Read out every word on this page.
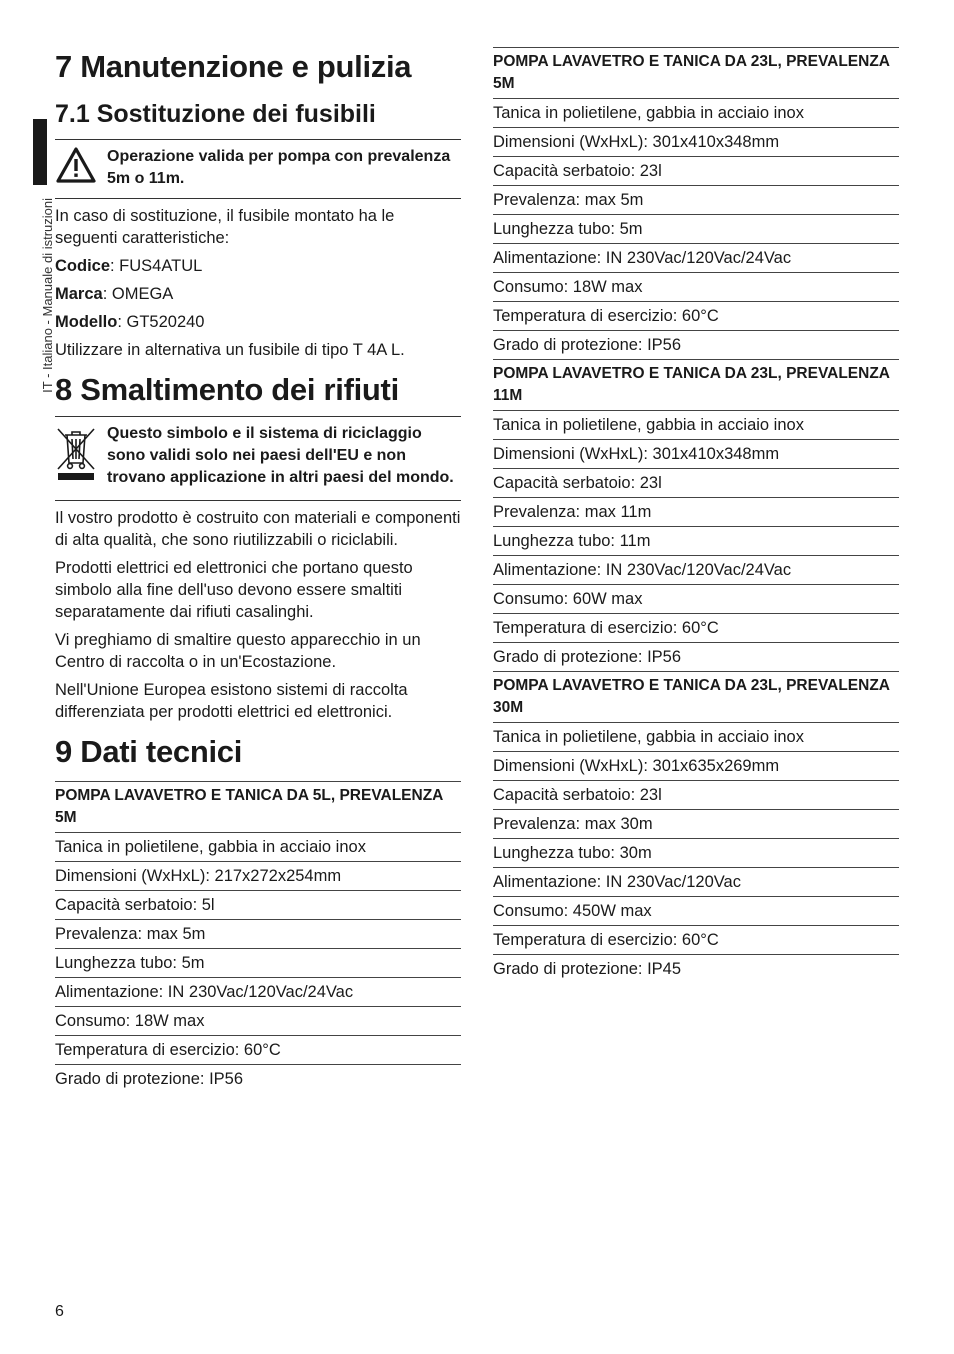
IT - Italiano - Manuale di istruzioni
7 Manutenzione e pulizia
7.1 Sostituzione dei fusibili
Operazione valida per pompa con prevalenza 5m o 11m.

In caso di sostituzione, il fusibile montato ha le seguenti caratteristiche:

Codice: FUS4ATUL

Marca: OMEGA

Modello: GT520240

Utilizzare in alternativa un fusibile di tipo T 4A L.

8 Smaltimento dei rifiuti
Questo simbolo e il sistema di riciclaggio sono validi solo nei paesi dell'EU e non trovano applicazione in altri paesi del mondo.

Il vostro prodotto è costruito con materiali e componenti di alta qualità, che sono riutilizzabili o riciclabili.

Prodotti elettrici ed elettronici che portano questo simbolo alla fine dell'uso devono essere smaltiti separatamente dai rifiuti casalinghi.

Vi preghiamo di smaltire questo apparecchio in un Centro di raccolta o in un'Ecostazione.

Nell'Unione Europea esistono sistemi di raccolta differenziata per prodotti elettrici ed elettronici.

9 Dati tecnici
POMPA LAVAVETRO E TANICA DA 5L, PREVALENZA 5M
Tanica in polietilene, gabbia in acciaio inox
Dimensioni (WxHxL): 217x272x254mm
Capacità serbatoio: 5l
Prevalenza: max 5m
Lunghezza tubo: 5m
Alimentazione: IN 230Vac/120Vac/24Vac
Consumo: 18W max
Temperatura di esercizio: 60°C
Grado di protezione: IP56
POMPA LAVAVETRO E TANICA DA 23L, PREVALENZA 5M
Tanica in polietilene, gabbia in acciaio inox
Dimensioni (WxHxL): 301x410x348mm
Capacità serbatoio: 23l
Prevalenza: max 5m
Lunghezza tubo: 5m
Alimentazione: IN 230Vac/120Vac/24Vac
Consumo: 18W max
Temperatura di esercizio: 60°C
Grado di protezione: IP56
POMPA LAVAVETRO E TANICA DA 23L, PREVALENZA 11M
Tanica in polietilene, gabbia in acciaio inox
Dimensioni (WxHxL): 301x410x348mm
Capacità serbatoio: 23l
Prevalenza: max 11m
Lunghezza tubo: 11m
Alimentazione: IN 230Vac/120Vac/24Vac
Consumo: 60W max
Temperatura di esercizio: 60°C
Grado di protezione: IP56
POMPA LAVAVETRO E TANICA DA 23L, PREVALENZA 30M
Tanica in polietilene, gabbia in acciaio inox
Dimensioni (WxHxL): 301x635x269mm
Capacità serbatoio: 23l
Prevalenza: max 30m
Lunghezza tubo: 30m
Alimentazione: IN 230Vac/120Vac
Consumo: 450W max
Temperatura di esercizio: 60°C
Grado di protezione: IP45
6
